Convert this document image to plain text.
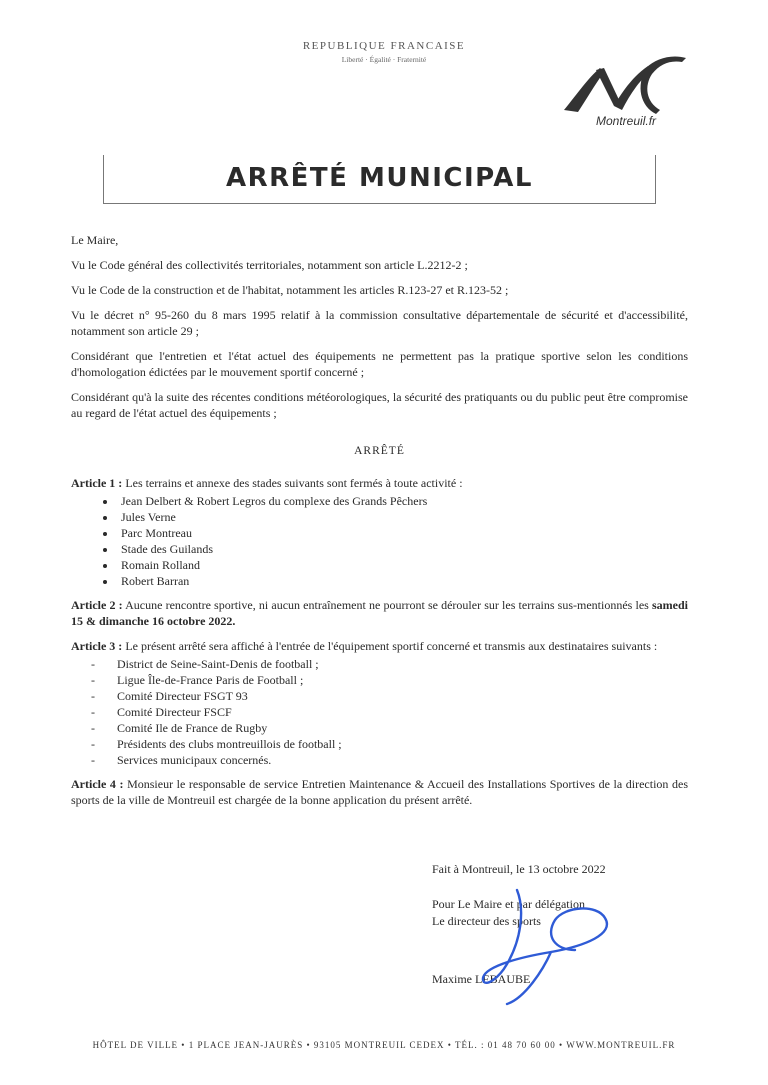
REPUBLIQUE FRANCAISE
Liberté · Égalité · Fraternité
Montreuil.fr
ARRÊTÉ MUNICIPAL

Le Maire,

Vu le Code général des collectivités territoriales, notamment son article L.2212-2 ;

Vu le Code de la construction et de l'habitat, notamment les articles R.123-27 et R.123-52 ;

Vu le décret n° 95-260 du 8 mars 1995 relatif à la commission consultative départementale de sécurité et d'accessibilité, notamment son article 29 ;

Considérant que l'entretien et l'état actuel des équipements ne permettent pas la pratique sportive selon les conditions d'homologation édictées par le mouvement sportif concerné ;

Considérant qu'à la suite des récentes conditions météorologiques, la sécurité des pratiquants ou du public peut être compromise au regard de l'état actuel des équipements ;

ARRÊTÉ

Article 1 : Les terrains et annexe des stades suivants sont fermés à toute activité :

• Jean Delbert & Robert Legros du complexe des Grands Pêchers
• Jules Verne
• Parc Montreau
• Stade des Guilands
• Romain Rolland
• Robert Barran

Article 2 : Aucune rencontre sportive, ni aucun entraînement ne pourront se dérouler sur les terrains sus-mentionnés les samedi 15 & dimanche 16 octobre 2022.

Article 3 : Le présent arrêté sera affiché à l'entrée de l'équipement sportif concerné et transmis aux destinataires suivants :

- District de Seine-Saint-Denis de football ;
- Ligue Île-de-France Paris de Football ;
- Comité Directeur FSGT 93
- Comité Directeur FSCF
- Comité Ile de France de Rugby
- Présidents des clubs montreuillois de football ;
- Services municipaux concernés.

Article 4 : Monsieur le responsable de service Entretien Maintenance & Accueil des Installations Sportives de la direction des sports de la ville de Montreuil est chargée de la bonne application du présent arrêté.

Fait à Montreuil, le 13 octobre 2022
Pour Le Maire et par délégation
Le directeur des sports
Maxime LEBAUBE
HÔTEL DE VILLE • 1 PLACE JEAN-JAURÈS • 93105 MONTREUIL CEDEX • TÉL. : 01 48 70 60 00 • WWW.MONTREUIL.FR
